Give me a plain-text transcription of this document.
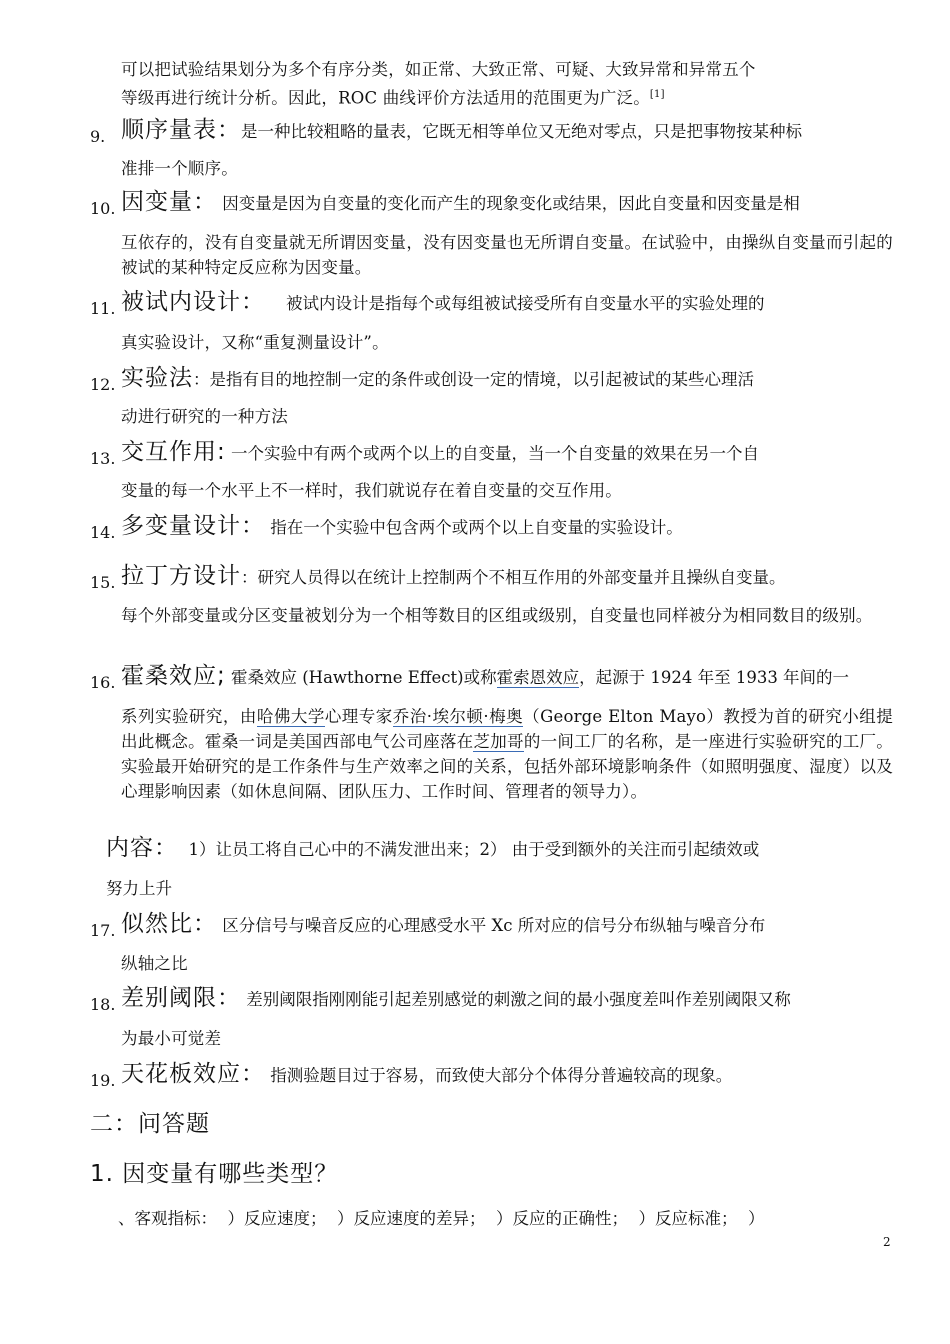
可以把试验结果划分为多个有序分类，如正常、大致正常、可疑、大致异常和异常五个
等级再进行统计分析。因此，ROC 曲线评价方法适用的范围更为广泛。[1]
9. 顺序量表：是一种比较粗略的量表，它既无相等单位又无绝对零点，只是把事物按某种标
准排一个顺序。
10. 因变量： 因变量是因为自变量的变化而产生的现象变化或结果，因此自变量和因变量是相
互依存的，没有自变量就无所谓因变量，没有因变量也无所谓自变量。在试验中，由操纵自变量而引起的被试的某种特定反应称为因变量。
11. 被试内设计： 被试内设计是指每个或每组被试接受所有自变量水平的实验处理的
真实验设计，又称“重复测量设计”。
12. 实验法：是指有目的地控制一定的条件或创设一定的情境，以引起被试的某些心理活
动进行研究的一种方法
13. 交互作用: 一个实验中有两个或两个以上的自变量，当一个自变量的效果在另一个自
变量的每一个水平上不一样时，我们就说存在着自变量的交互作用。
14. 多变量设计： 指在一个实验中包含两个或两个以上自变量的实验设计。
15. 拉丁方设计：研究人员得以在统计上控制两个不相互作用的外部变量并且操纵自变量。
每个外部变量或分区变量被划分为一个相等数目的区组或级别，自变量也同样被分为相同数目的级别。
16. 霍桑效应; 霍桑效应 (Hawthorne Effect)或称霍索恩效应，起源于 1924 年至 1933 年间的一
系列实验研究，由哈佛大学心理专家乔治·埃尔顿·梅奥（George Elton Mayo）教授为首的研究小组提出此概念。霍桑一词是美国西部电气公司座落在芝加哥的一间工厂的名称，是一座进行实验研究的工厂。实验最开始研究的是工作条件与生产效率之间的关系，包括外部环境影响条件（如照明强度、湿度）以及心理影响因素（如休息间隔、团队压力、工作时间、管理者的领导力）。
内容： 1）让员工将自己心中的不满发泄出来；2） 由于受到额外的关注而引起绩效或
努力上升
17. 似然比： 区分信号与噪音反应的心理感受水平 Xc 所对应的信号分布纵轴与噪音分布
纵轴之比
18. 差别阈限： 差别阈限指刚刚能引起差别感觉的刺激之间的最小强度差叫作差别阈限又称
为最小可觉差
19. 天花板效应： 指测验题目过于容易，而致使大部分个体得分普遍较高的现象。
二：问答题
1. 因变量有哪些类型？
、客观指标：  ）反应速度；  ）反应速度的差异；  ）反应的正确性；  ）反应标准；  ）
2
